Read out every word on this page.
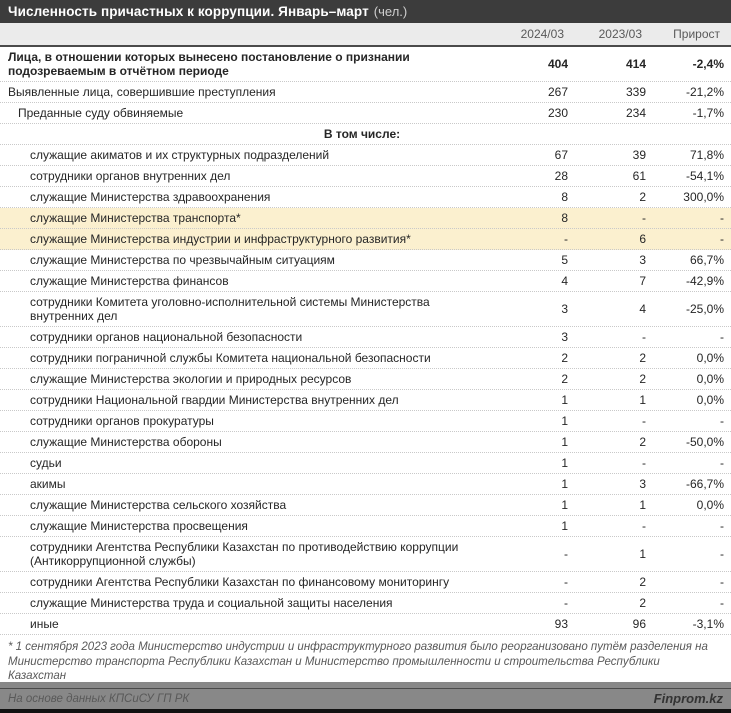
Численность причастных к коррупции. Январь–март (чел.)
2024/03	2023/03	Прирост
Лица, в отношении которых вынесено постановление о признании подозреваемым в отчётном периоде	404	414	-2,4%
Выявленные лица, совершившие преступления	267	339	-21,2%
Преданные суду обвиняемые	230	234	-1,7%
В том числе:
служащие акиматов и их структурных подразделений	67	39	71,8%
сотрудники органов внутренних дел	28	61	-54,1%
служащие Министерства здравоохранения	8	2	300,0%
служащие Министерства транспорта*	8	-	-
служащие Министерства индустрии и инфраструктурного развития*	-	6	-
служащие Министерства по чрезвычайным ситуациям	5	3	66,7%
служащие Министерства финансов	4	7	-42,9%
сотрудники Комитета уголовно-исполнительной системы Министерства внутренних дел	3	4	-25,0%
сотрудники органов национальной безопасности	3	-	-
сотрудники пограничной службы Комитета национальной безопасности	2	2	0,0%
служащие Министерства экологии и природных ресурсов	2	2	0,0%
сотрудники Национальной гвардии Министерства внутренних дел	1	1	0,0%
сотрудники органов прокуратуры	1	-	-
служащие Министерства обороны	1	2	-50,0%
судьи	1	-	-
акимы	1	3	-66,7%
служащие Министерства сельского хозяйства	1	1	0,0%
служащие Министерства просвещения	1	-	-
сотрудники Агентства Республики Казахстан по противодействию коррупции (Антикоррупционной службы)	-	1	-
сотрудники Агентства Республики Казахстан по финансовому мониторингу	-	2	-
служащие Министерства труда и социальной защиты населения	-	2	-
иные	93	96	-3,1%
* 1 сентября 2023 года Министерство индустрии и инфраструктурного развития было реорганизовано путём разделения на Министерство транспорта Республики Казахстан и Министерство промышленности и строительства Республики Казахстан
На основе данных КПСиСУ ГП РК	Finprom.kz
